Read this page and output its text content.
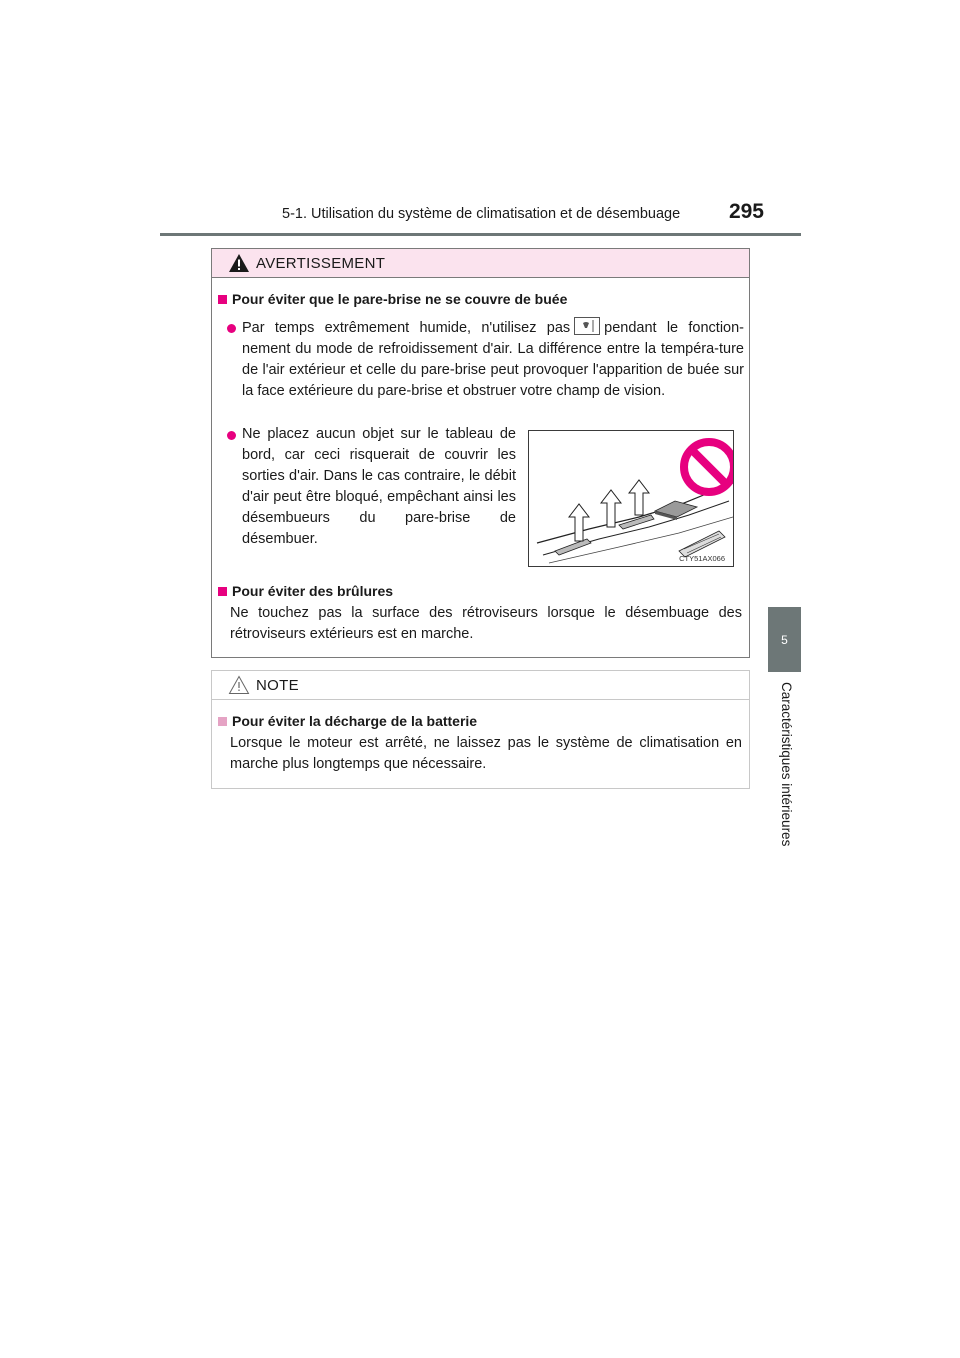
5-1. Utilisation du système de climatisation et de désembuage 295
5
Caractéristiques intérieures
AVERTISSEMENT
Pour éviter que le pare-brise ne se couvre de buée
Par temps extrêmement humide, n'utilisez pas pendant le fonction-nement du mode de refroidissement d'air. La différence entre la tempéra-ture de l'air extérieur et celle du pare-brise peut provoquer l'apparition de buée sur la face extérieure du pare-brise et obstruer votre champ de vision.
Ne placez aucun objet sur le tableau de bord, car ceci risquerait de couvrir les sorties d'air. Dans le cas contraire, le débit d'air peut être bloqué, empêchant ainsi les désembueurs du pare-brise de désembuer.
CTY51AX066
Pour éviter des brûlures
Ne touchez pas la surface des rétroviseurs lorsque le désembuage des rétroviseurs extérieurs est en marche.
NOTE
Pour éviter la décharge de la batterie
Lorsque le moteur est arrêté, ne laissez pas le système de climatisation en marche plus longtemps que nécessaire.
